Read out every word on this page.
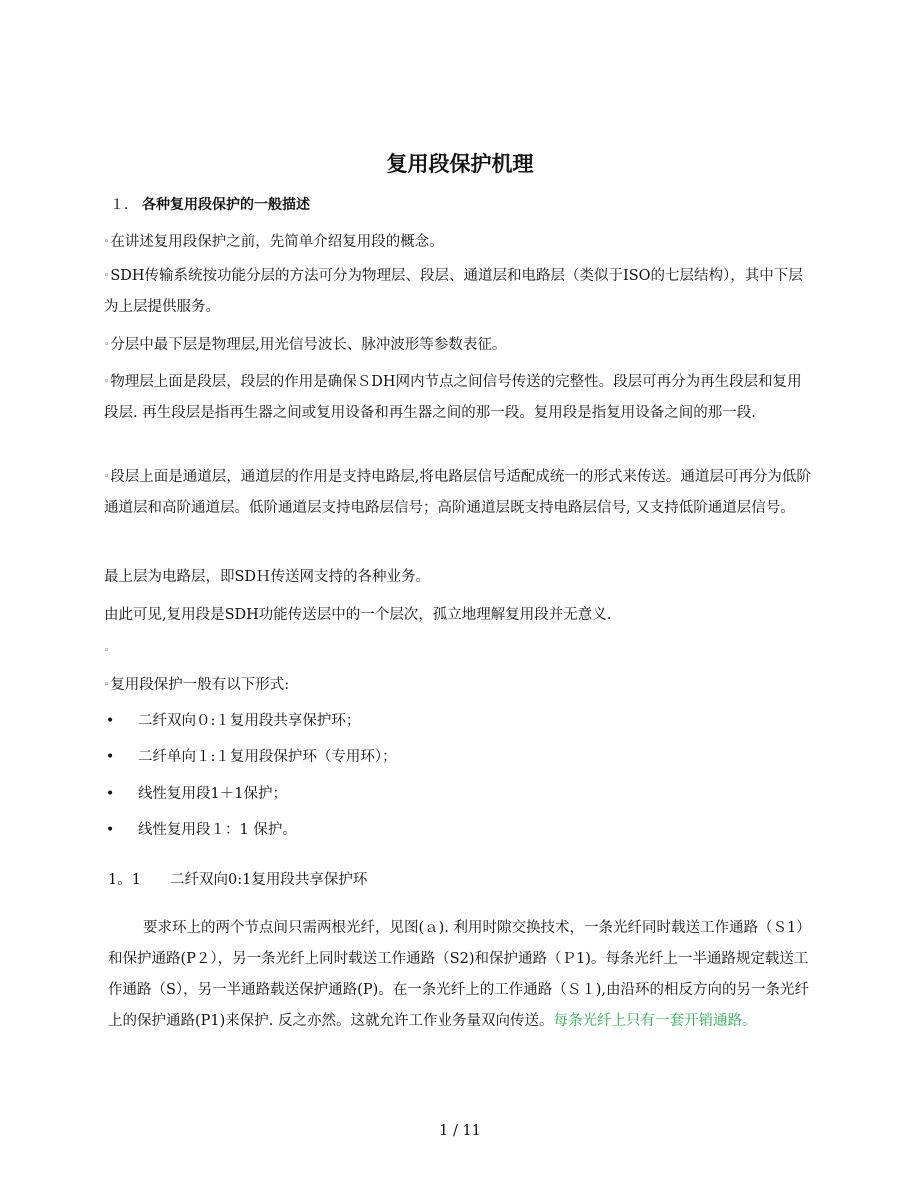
复用段保护机理
１． 各种复用段保护的一般描述

◦在讲述复用段保护之前，先简单介绍复用段的概念。

◦SDH传输系统按功能分层的方法可分为物理层、段层、通道层和电路层（类似于ISO的七层结构），其中下层为上层提供服务。

◦分层中最下层是物理层,用光信号波长、脉冲波形等参数表征。

◦物理层上面是段层，段层的作用是确保ＳDH网内节点之间信号传送的完整性。段层可再分为再生段层和复用段层. 再生段层是指再生器之间或复用设备和再生器之间的那一段。复用段是指复用设备之间的那一段.

◦段层上面是通道层，通道层的作用是支持电路层,将电路层信号适配成统一的形式来传送。通道层可再分为低阶通道层和高阶通道层。低阶通道层支持电路层信号；高阶通道层既支持电路层信号, 又支持低阶通道层信号。

最上层为电路层，即SDＨ传送网支持的各种业务。

由此可见,复用段是SDH功能传送层中的一个层次，孤立地理解复用段并无意义.

◦

◦复用段保护一般有以下形式:

• 二纤双向０:１复用段共享保护环；
• 二纤单向１:１复用段保护环（专用环）；
• 线性复用段1＋1保护；
• 线性复用段１：1 保护。
1。1 二纤双向0:1复用段共享保护环

要求环上的两个节点间只需两根光纤，见图(ａ). 利用时隙交换技术，一条光纤同时载送工作通路（Ｓ1）和保护通路(P２），另一条光纤上同时载送工作通路（S2)和保护通路（Ｐ1)。每条光纤上一半通路规定载送工作通路（S），另一半通路载送保护通路(P)。在一条光纤上的工作通路（Ｓ１),由沿环的相反方向的另一条光纤上的保护通路(P1)来保护. 反之亦然。这就允许工作业务量双向传送。每条光纤上只有一套开销通路。

1 / 11
